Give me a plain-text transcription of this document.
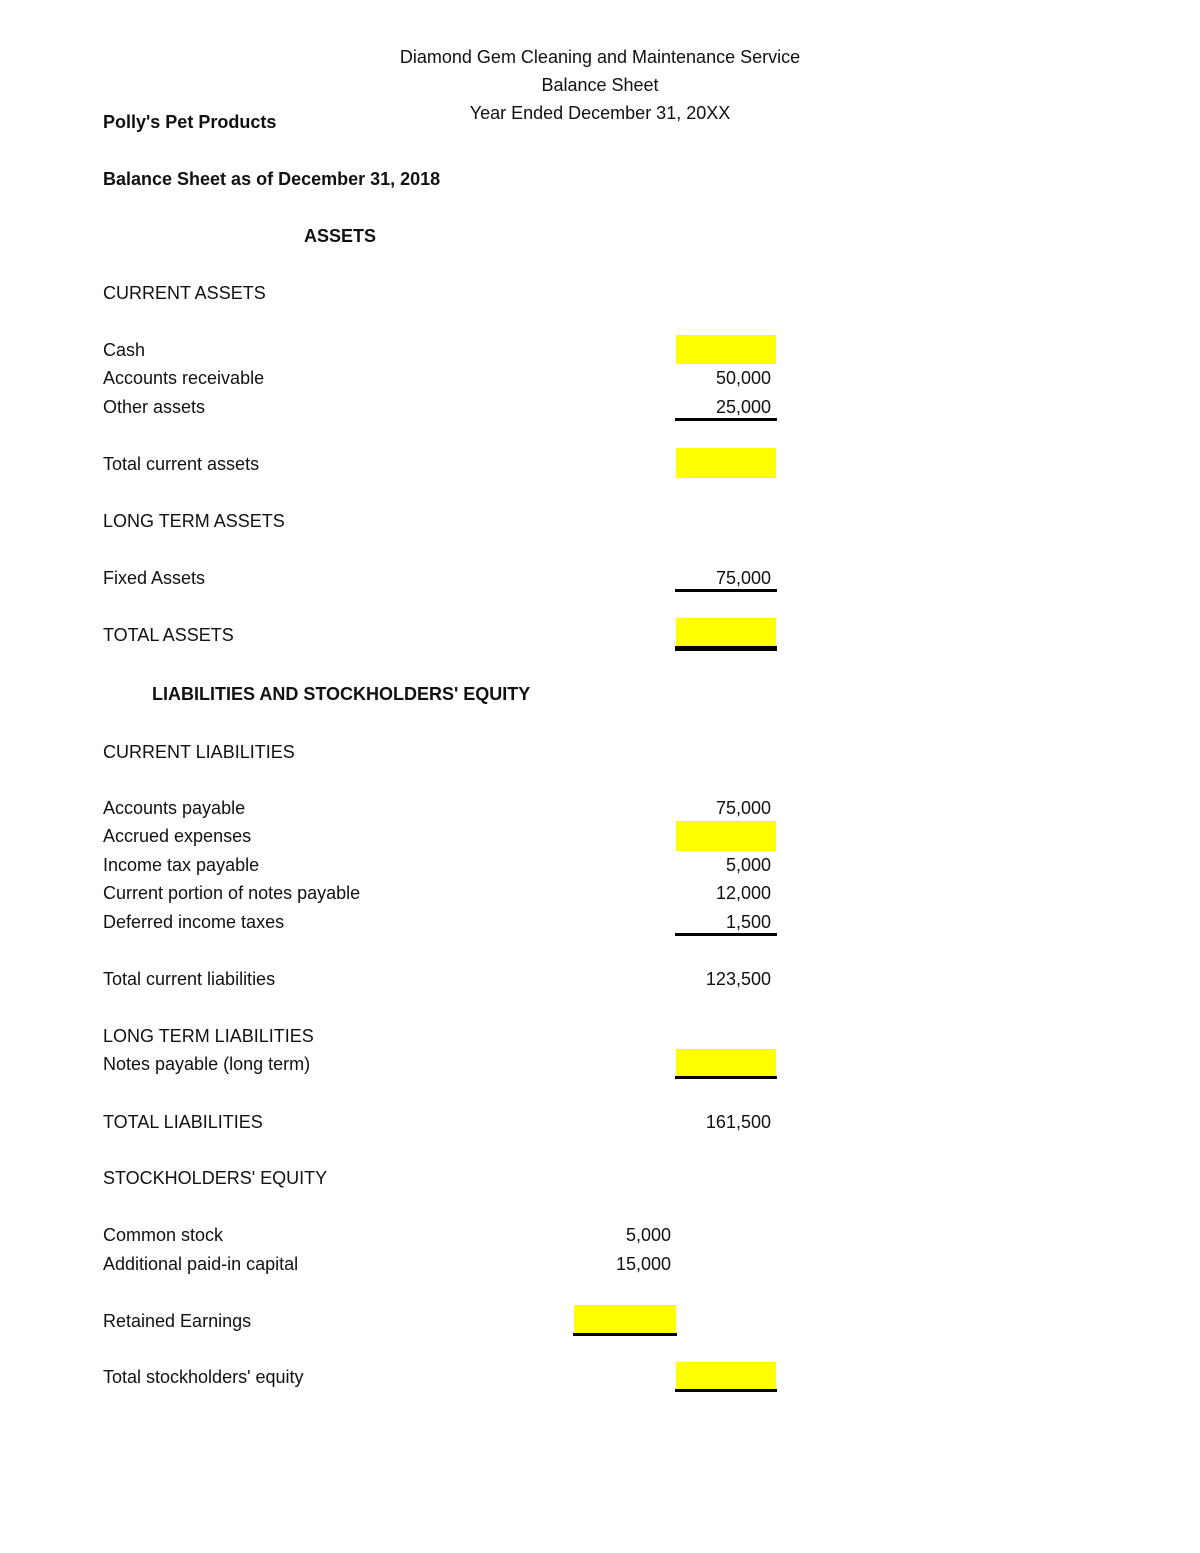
Diamond Gem Cleaning and Maintenance Service
Balance Sheet
Year Ended December 31, 20XX
Polly's Pet Products
Balance Sheet as of December 31, 2018
ASSETS
CURRENT ASSETS
Cash
Accounts receivable	50,000
Other assets	25,000
Total current assets
LONG TERM ASSETS
Fixed Assets	75,000
TOTAL ASSETS
LIABILITIES AND STOCKHOLDERS' EQUITY
CURRENT LIABILITIES
Accounts payable	75,000
Accrued expenses
Income tax payable	5,000
Current portion of notes payable	12,000
Deferred income taxes	1,500
Total current liabilities	123,500
LONG TERM LIABILITIES
Notes payable (long term)
TOTAL LIABILITIES	161,500
STOCKHOLDERS' EQUITY
Common stock	5,000
Additional paid-in capital	15,000
Retained Earnings
Total stockholders' equity
